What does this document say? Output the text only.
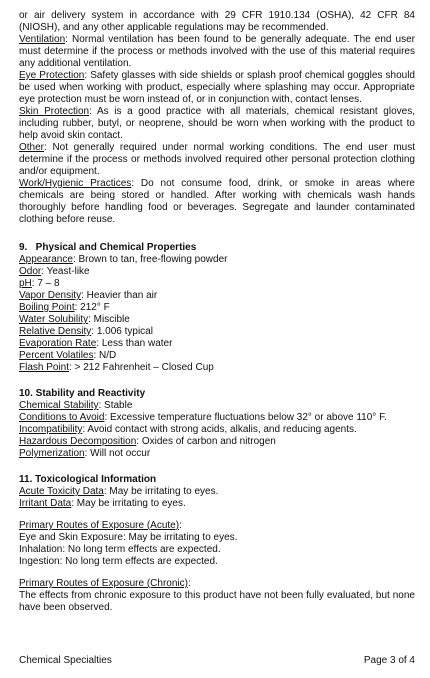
or air delivery system in accordance with 29 CFR 1910.134 (OSHA), 42 CFR 84 (NIOSH), and any other applicable regulations may be recommended.

Ventilation: Normal ventilation has been found to be generally adequate. The end user must determine if the process or methods involved with the use of this material requires any additional ventilation.

Eye Protection: Safety glasses with side shields or splash proof chemical goggles should be used when working with product, especially where splashing may occur. Appropriate eye protection must be worn instead of, or in conjunction with, contact lenses.

Skin Protection: As is a good practice with all materials, chemical resistant gloves, including rubber, butyl, or neoprene, should be worn when working with the product to help avoid skin contact.

Other: Not generally required under normal working conditions. The end user must determine if the process or methods involved required other personal protection clothing and/or equipment.

Work/Hygienic Practices: Do not consume food, drink, or smoke in areas where chemicals are being stored or handled. After working with chemicals wash hands thoroughly before handling food or beverages. Segregate and launder contaminated clothing before reuse.

9.   Physical and Chemical Properties

Appearance: Brown to tan, free-flowing powder

Odor: Yeast-like

pH: 7 – 8

Vapor Density: Heavier than air

Boiling Point: 212° F

Water Solubility: Miscible

Relative Density: 1.006 typical

Evaporation Rate: Less than water

Percent Volatiles: N/D

Flash Point: > 212 Fahrenheit – Closed Cup

10. Stability and Reactivity

Chemical Stability: Stable

Conditions to Avoid: Excessive temperature fluctuations below 32° or above 110° F.

Incompatibility: Avoid contact with strong acids, alkalis, and reducing agents.

Hazardous Decomposition: Oxides of carbon and nitrogen

Polymerization: Will not occur

11. Toxicological Information

Acute Toxicity Data: May be irritating to eyes.

Irritant Data: May be irritating to eyes.

Primary Routes of Exposure (Acute):

Eye and Skin Exposure: May be irritating to eyes.

Inhalation: No long term effects are expected.

Ingestion: No long term effects are expected.

Primary Routes of Exposure (Chronic):

The effects from chronic exposure to this product have not been fully evaluated, but none have been observed.

Chemical Specialties	Page 3 of 4
